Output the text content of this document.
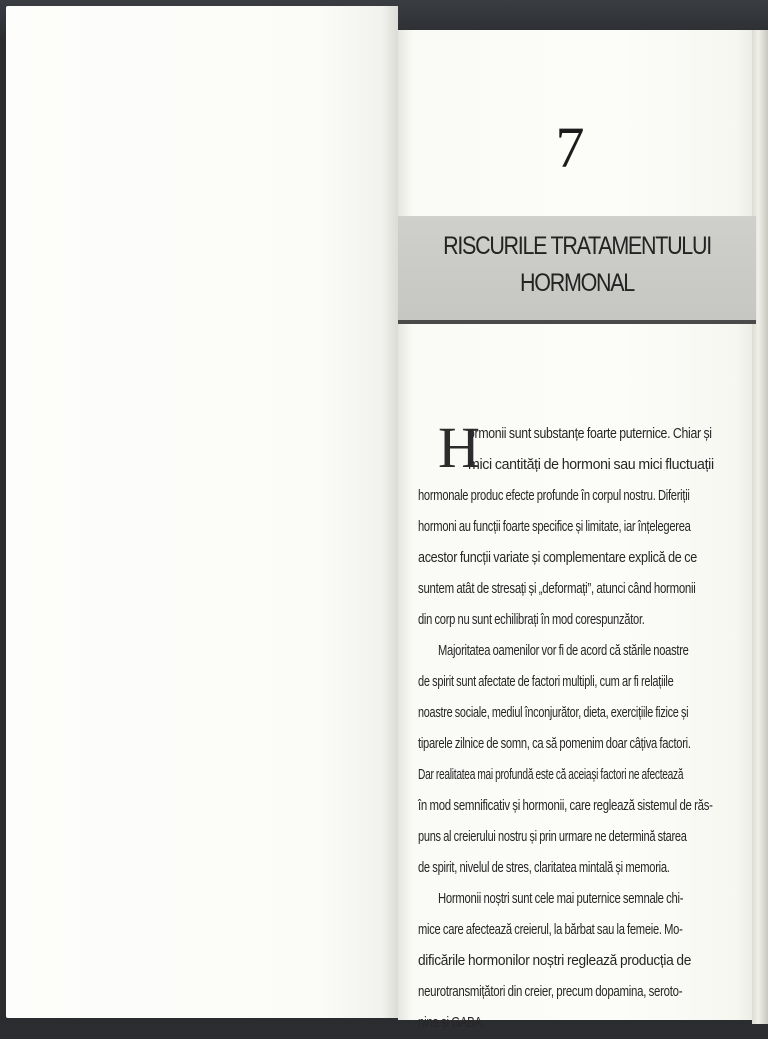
7
RISCURILE TRATAMENTULUI
HORMONAL
H
ormonii sunt substanțe foarte puternice. Chiar și
mici cantități de hormoni sau mici fluctuații
hormonale produc efecte profunde în corpul nostru. Diferiții
hormoni au funcții foarte specifice și limitate, iar înțelegerea
acestor funcții variate și complementare explică de ce
suntem atât de stresați și „deformați”, atunci când hormonii
din corp nu sunt echilibrați în mod corespunzător.
Majoritatea oamenilor vor fi de acord că stările noastre
de spirit sunt afectate de factori multipli, cum ar fi relațiile
noastre sociale, mediul înconjurător, dieta, exercițiile fizice și
tiparele zilnice de somn, ca să pomenim doar câțiva factori.
Dar realitatea mai profundă este că aceiași factori ne afectează
în mod semnificativ și hormonii, care reglează sistemul de răs-
puns al creierului nostru și prin urmare ne determină starea
de spirit, nivelul de stres, claritatea mintală și memoria.
Hormonii noștri sunt cele mai puternice semnale chi-
mice care afectează creierul, la bărbat sau la femeie. Mo-
dificările hormonilor noștri reglează producția de
neurotransmițători din creier, precum dopamina, seroto-
nina și GABA.
